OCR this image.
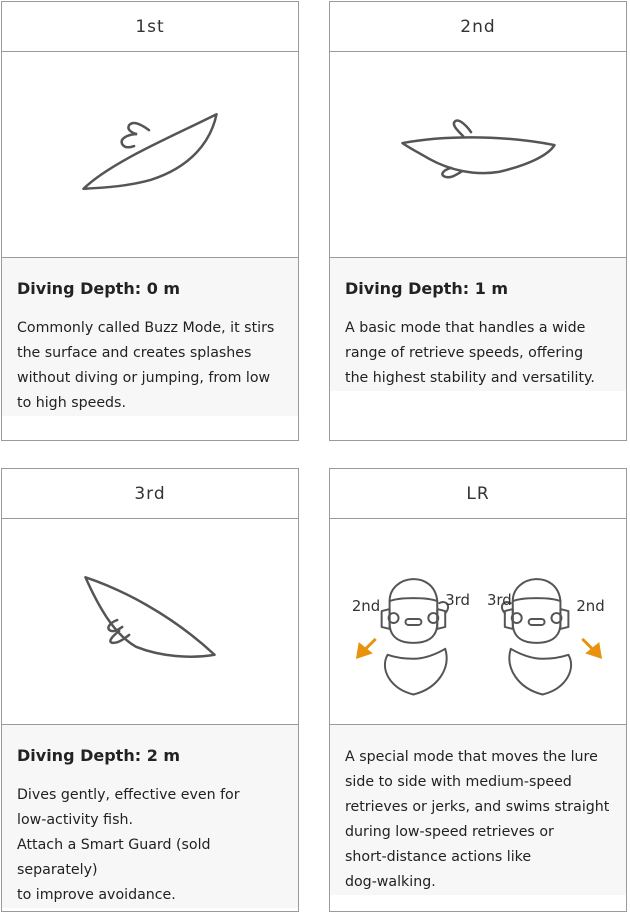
1st

Diving Depth: 0 m

Commonly called Buzz Mode, it stirs
the surface and creates splashes
without diving or jumping, from low
to high speeds.

2nd

Diving Depth: 1 m

A basic mode that handles a wide
range of retrieve speeds, offering
the highest stability and versatility.

3rd

Diving Depth: 2 m

Dives gently, effective even for
low-activity fish.
Attach a Smart Guard (sold separately)
to improve avoidance.

LR
2nd	3rd 3rd	2nd

A special mode that moves the lure
side to side with medium-speed
retrieves or jerks, and swims straight
during low-speed retrieves or
short-distance actions like
dog-walking.
